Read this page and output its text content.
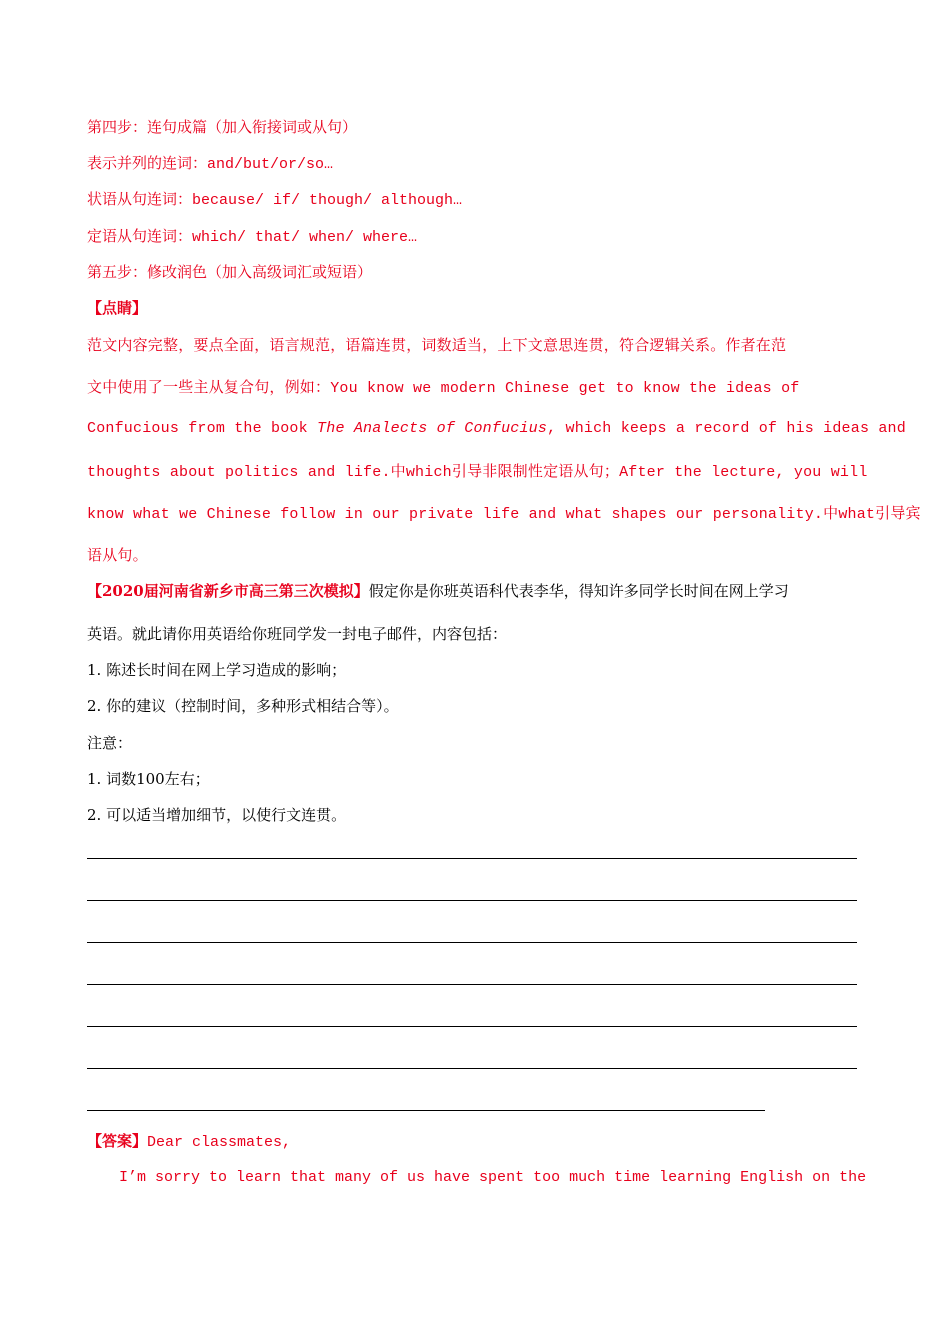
第四步：连句成篇（加入衔接词或从句）
表示并列的连词：and/but/or/so…
状语从句连词：because/ if/ though/ although…
定语从句连词：which/ that/ when/ where…
第五步：修改润色（加入高级词汇或短语）
【点睛】
范文内容完整，要点全面，语言规范，语篇连贯，词数适当，上下文意思连贯，符合逻辑关系。作者在范
文中使用了一些主从复合句，例如：You know we modern Chinese get to know the ideas of
Confucious from the book The Analects of Confucius, which keeps a record of his ideas and
thoughts about politics and life.中which引导非限制性定语从句；After the lecture, you will
know what we Chinese follow in our private life and what shapes our personality.中what引导宾
语从句。
【2020届河南省新乡市高三第三次模拟】假定你是你班英语科代表李华，得知许多同学长时间在网上学习
英语。就此请你用英语给你班同学发一封电子邮件，内容包括：
1. 陈述长时间在网上学习造成的影响；
2. 你的建议（控制时间，多种形式相结合等）。
注意：
1. 词数100左右；
2. 可以适当增加细节，以使行文连贯。
【答案】Dear classmates,
I’m sorry to learn that many of us have spent too much time learning English on the
